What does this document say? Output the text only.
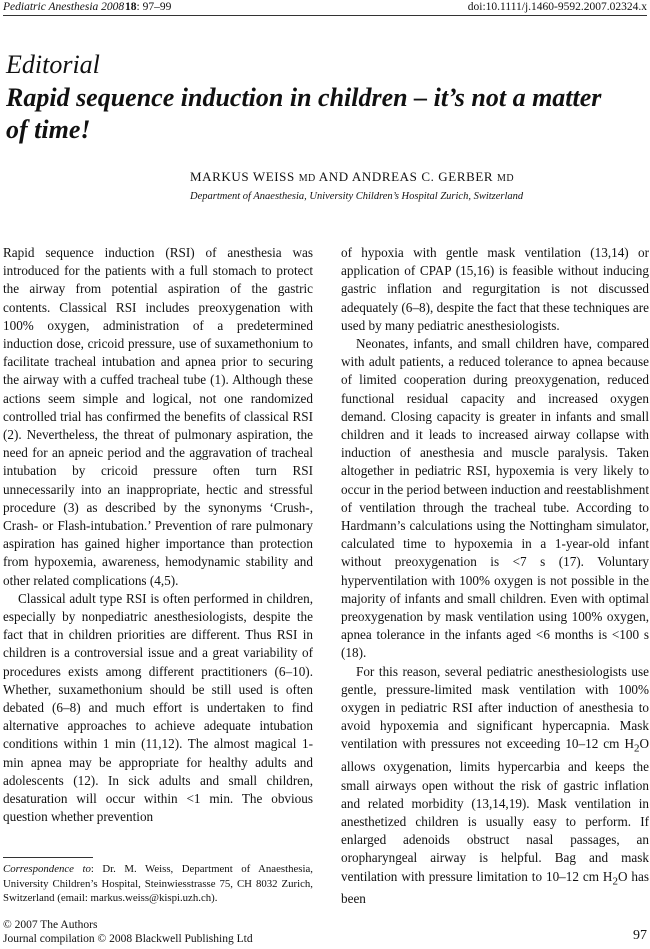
Pediatric Anesthesia 2008 18: 97–99	doi:10.1111/j.1460-9592.2007.02324.x
Editorial
Rapid sequence induction in children – it’s not a matter of time!
MARKUS WEISS MD AND ANDREAS C. GERBER MD
Department of Anaesthesia, University Children’s Hospital Zurich, Switzerland

Rapid sequence induction (RSI) of anesthesia was introduced for the patients with a full stomach to protect the airway from potential aspiration of the gastric contents. Classical RSI includes preoxygenation with 100% oxygen, administration of a predetermined induction dose, cricoid pressure, use of suxamethonium to facilitate tracheal intubation and apnea prior to securing the airway with a cuffed tracheal tube (1). Although these actions seem simple and logical, not one randomized controlled trial has confirmed the benefits of classical RSI (2). Nevertheless, the threat of pulmonary aspiration, the need for an apneic period and the aggravation of tracheal intubation by cricoid pressure often turn RSI unnecessarily into an inappropriate, hectic and stressful procedure (3) as described by the synonyms ‘Crush-, Crash- or Flash-intubation.’ Prevention of rare pulmonary aspiration has gained higher importance than protection from hypoxemia, awareness, hemodynamic stability and other related complications (4,5).

Classical adult type RSI is often performed in children, especially by nonpediatric anesthesiologists, despite the fact that in children priorities are different. Thus RSI in children is a controversial issue and a great variability of procedures exists among different practitioners (6–10). Whether, suxamethonium should be still used is often debated (6–8) and much effort is undertaken to find alternative approaches to achieve adequate intubation conditions within 1 min (11,12). The almost magical 1-min apnea may be appropriate for healthy adults and adolescents (12). In sick adults and small children, desaturation will occur within <1 min. The obvious question whether prevention

Correspondence to: Dr. M. Weiss, Department of Anaesthesia, University Children’s Hospital, Steinwiesstrasse 75, CH 8032 Zurich, Switzerland (email: markus.weiss@kispi.uzh.ch).

of hypoxia with gentle mask ventilation (13,14) or application of CPAP (15,16) is feasible without inducing gastric inflation and regurgitation is not discussed adequately (6–8), despite the fact that these techniques are used by many pediatric anesthesiologists.

Neonates, infants, and small children have, compared with adult patients, a reduced tolerance to apnea because of limited cooperation during preoxygenation, reduced functional residual capacity and increased oxygen demand. Closing capacity is greater in infants and small children and it leads to increased airway collapse with induction of anesthesia and muscle paralysis. Taken altogether in pediatric RSI, hypoxemia is very likely to occur in the period between induction and reestablishment of ventilation through the tracheal tube. According to Hardmann’s calculations using the Nottingham simulator, calculated time to hypoxemia in a 1-year-old infant without preoxygenation is <7 s (17). Voluntary hyperventilation with 100% oxygen is not possible in the majority of infants and small children. Even with optimal preoxygenation by mask ventilation using 100% oxygen, apnea tolerance in the infants aged <6 months is <100 s (18).

For this reason, several pediatric anesthesiologists use gentle, pressure-limited mask ventilation with 100% oxygen in pediatric RSI after induction of anesthesia to avoid hypoxemia and significant hypercapnia. Mask ventilation with pressures not exceeding 10–12 cm $H_2O$ allows oxygenation, limits hypercarbia and keeps the small airways open without the risk of gastric inflation and related morbidity (13,14,19). Mask ventilation in anesthetized children is usually easy to perform. If enlarged adenoids obstruct nasal passages, an oropharyngeal airway is helpful. Bag and mask ventilation with pressure limitation to 10–12 cm $H_2O$ has been

© 2007 The Authors
Journal compilation © 2008 Blackwell Publishing Ltd	97
